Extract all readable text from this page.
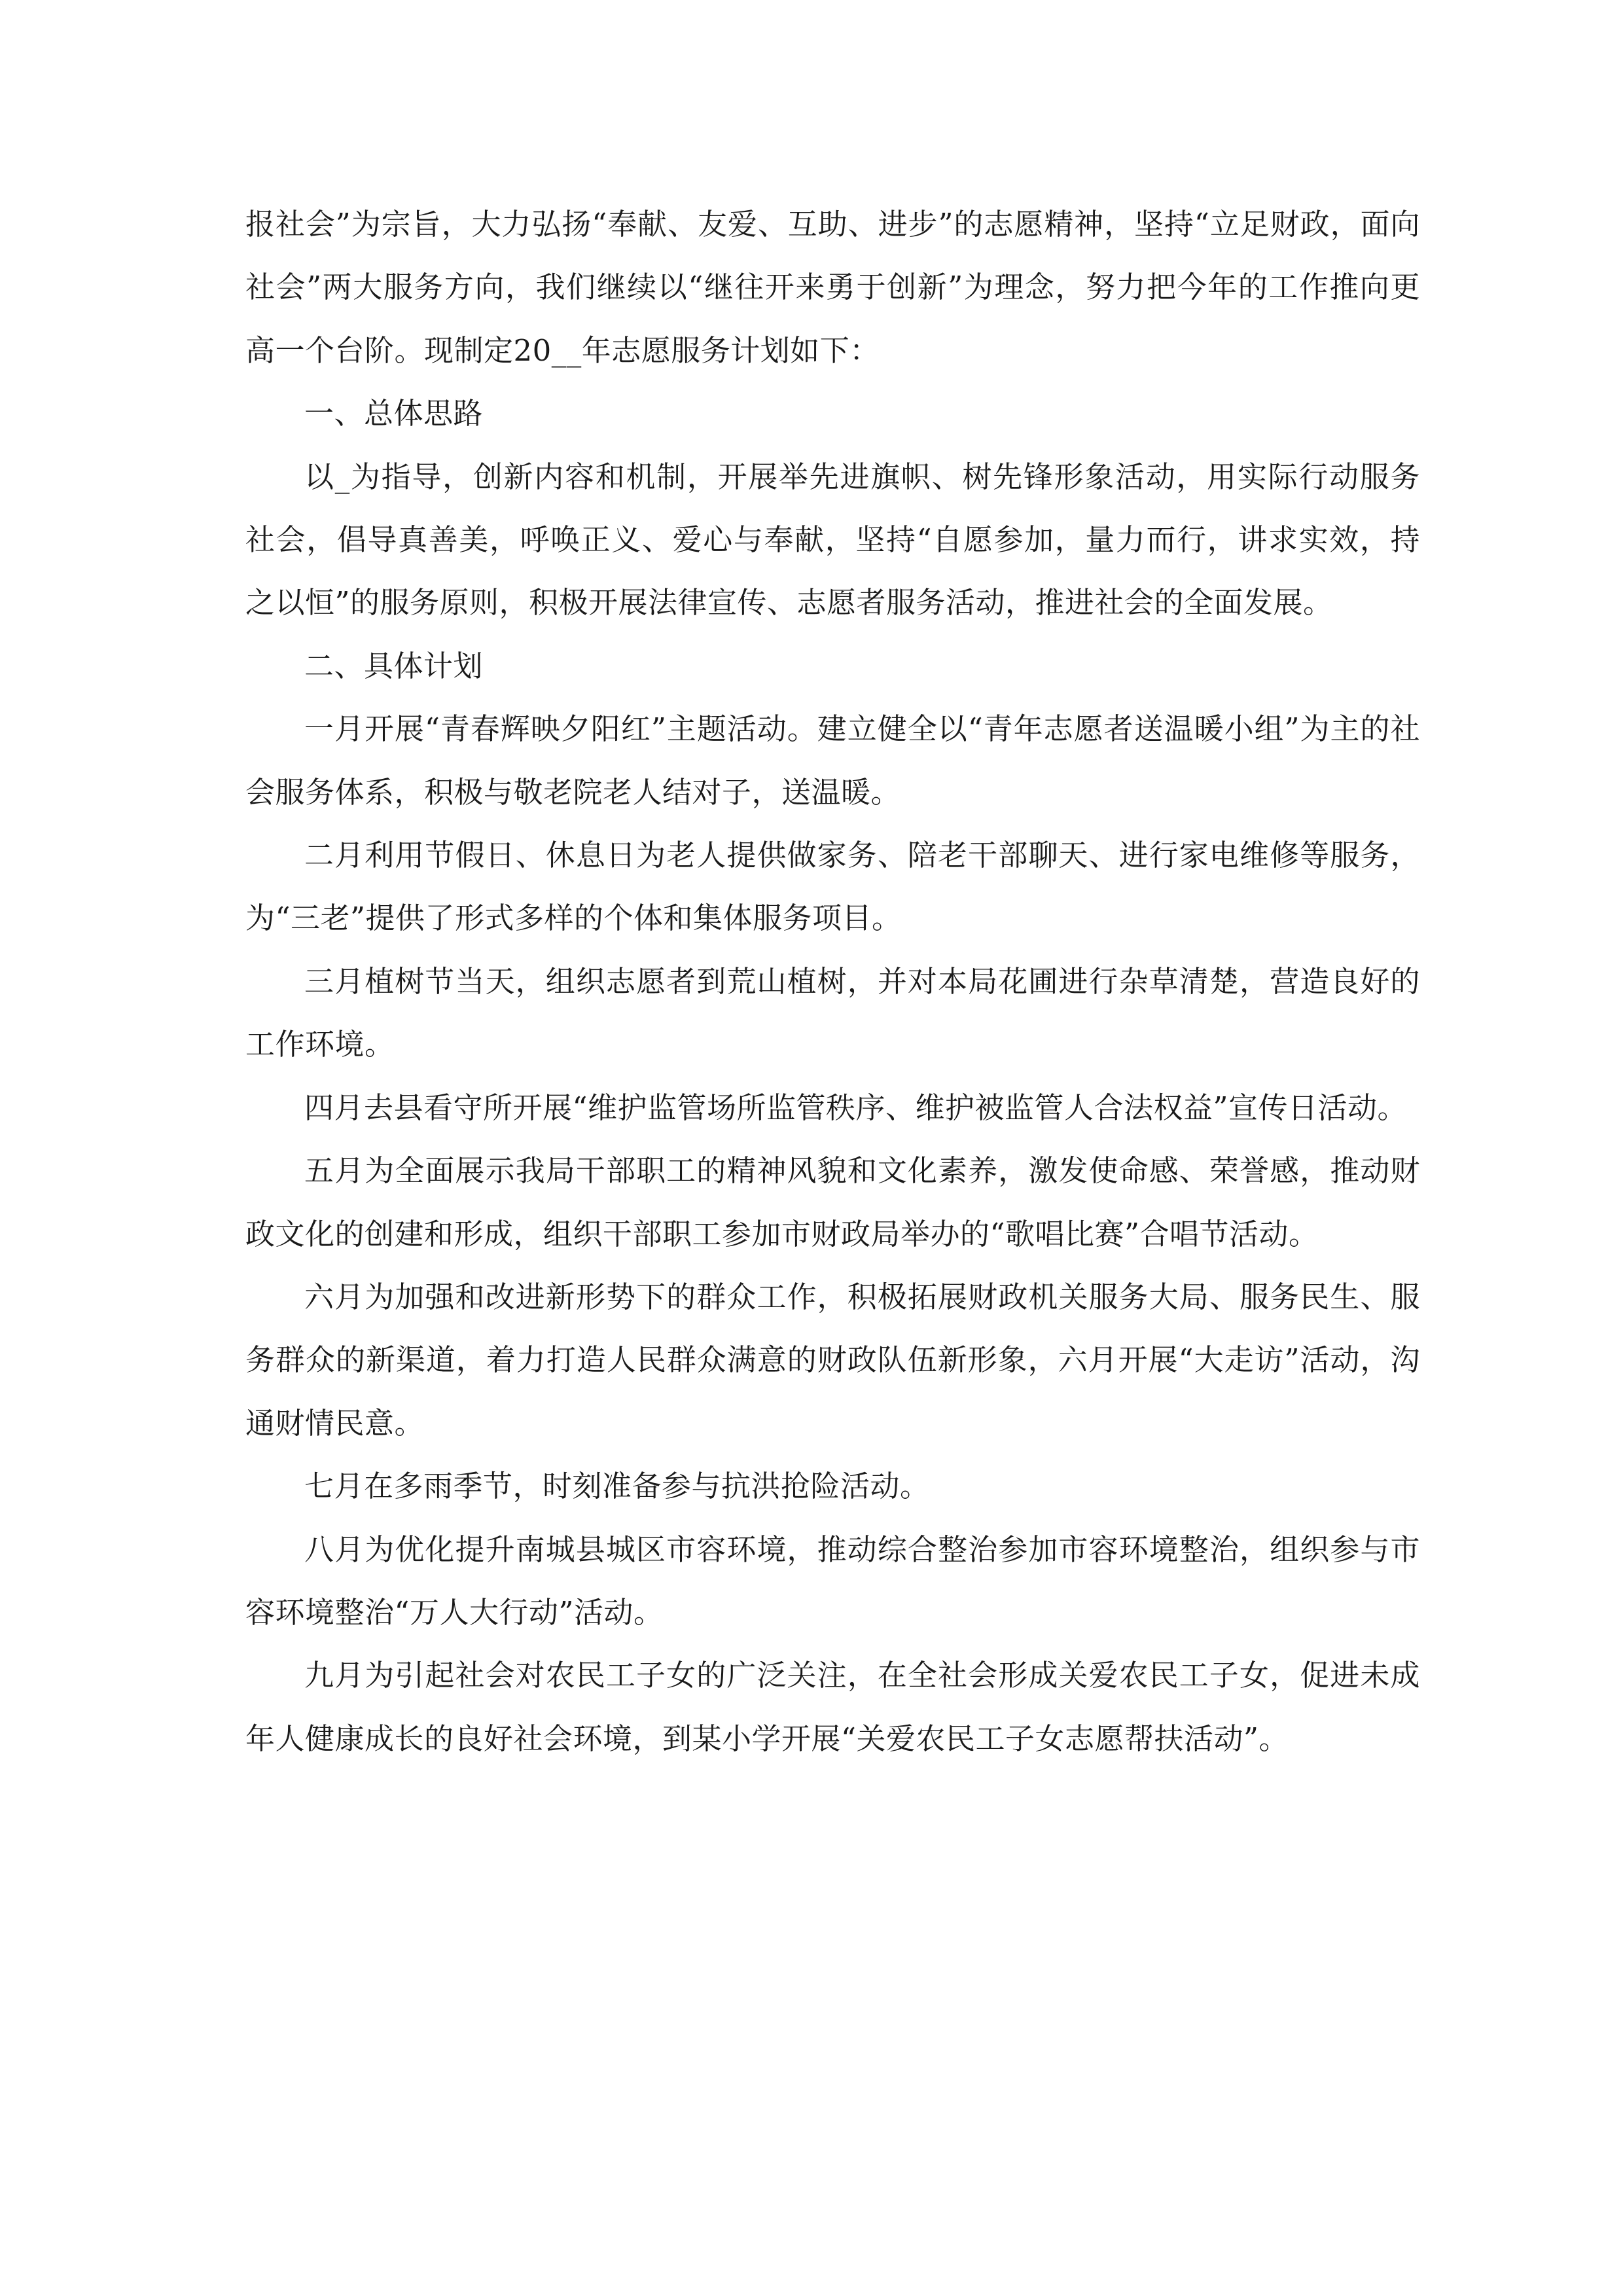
报社会”为宗旨，大力弘扬“奉献、友爱、互助、进步”的志愿精神，坚持“立足财政，面向社会”两大服务方向，我们继续以“继往开来勇于创新”为理念，努力把今年的工作推向更高一个台阶。现制定20__年志愿服务计划如下：

一、总体思路

以_为指导，创新内容和机制，开展举先进旗帜、树先锋形象活动，用实际行动服务社会，倡导真善美，呼唤正义、爱心与奉献，坚持“自愿参加，量力而行，讲求实效，持之以恒”的服务原则，积极开展法律宣传、志愿者服务活动，推进社会的全面发展。

二、具体计划

一月开展“青春辉映夕阳红”主题活动。建立健全以“青年志愿者送温暖小组”为主的社会服务体系，积极与敬老院老人结对子，送温暖。

二月利用节假日、休息日为老人提供做家务、陪老干部聊天、进行家电维修等服务，为“三老”提供了形式多样的个体和集体服务项目。

三月植树节当天，组织志愿者到荒山植树，并对本局花圃进行杂草清楚，营造良好的工作环境。

四月去县看守所开展“维护监管场所监管秩序、维护被监管人合法权益”宣传日活动。

五月为全面展示我局干部职工的精神风貌和文化素养，激发使命感、荣誉感，推动财政文化的创建和形成，组织干部职工参加市财政局举办的“歌唱比赛”合唱节活动。

六月为加强和改进新形势下的群众工作，积极拓展财政机关服务大局、服务民生、服务群众的新渠道，着力打造人民群众满意的财政队伍新形象，六月开展“大走访”活动，沟通财情民意。

七月在多雨季节，时刻准备参与抗洪抢险活动。

八月为优化提升南城县城区市容环境，推动综合整治参加市容环境整治，组织参与市容环境整治“万人大行动”活动。

九月为引起社会对农民工子女的广泛关注，在全社会形成关爱农民工子女，促进未成年人健康成长的良好社会环境，到某小学开展“关爱农民工子女志愿帮扶活动”。
